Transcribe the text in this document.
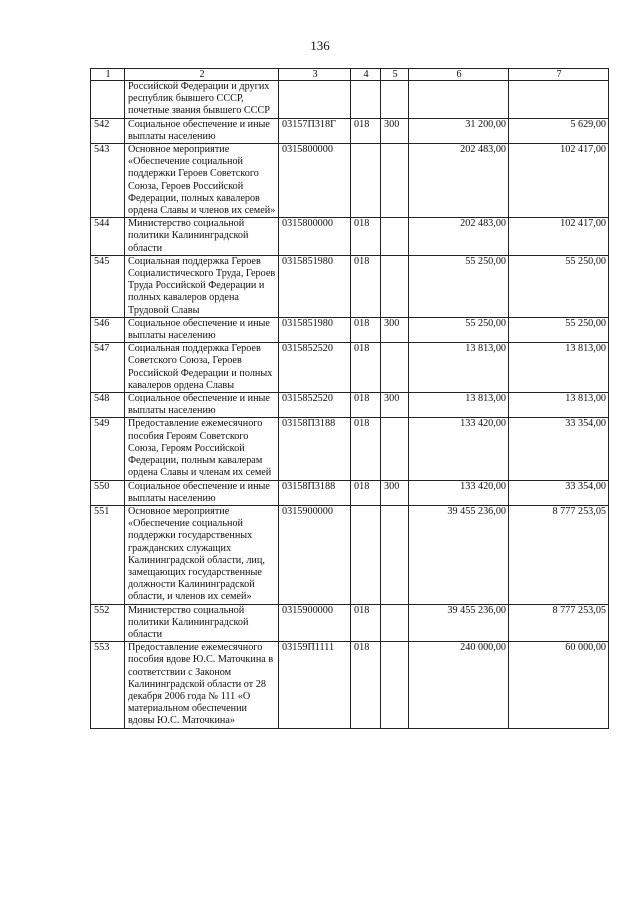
136
1	2	3	4	5	6	7
	Российской Федерации и других республик бывшего СССР, почетные звания бывшего СССР					
542	Социальное обеспечение и иные выплаты населению	03157П318Г	018	300	31 200,00	5 629,00
543	Основное мероприятие «Обеспечение социальной поддержки Героев Советского Союза, Героев Российской Федерации, полных кавалеров ордена Славы и членов их семей»	0315800000			202 483,00	102 417,00
544	Министерство социальной политики Калининградской области	0315800000	018		202 483,00	102 417,00
545	Социальная поддержка Героев Социалистического Труда, Героев Труда Российской Федерации и полных кавалеров ордена Трудовой Славы	0315851980	018		55 250,00	55 250,00
546	Социальное обеспечение и иные выплаты населению	0315851980	018	300	55 250,00	55 250,00
547	Социальная поддержка Героев Советского Союза, Героев Российской Федерации и полных кавалеров ордена Славы	0315852520	018		13 813,00	13 813,00
548	Социальное обеспечение и иные выплаты населению	0315852520	018	300	13 813,00	13 813,00
549	Предоставление ежемесячного пособия Героям Советского Союза, Героям Российской Федерации, полным кавалерам ордена Славы и членам их семей	03158П3188	018		133 420,00	33 354,00
550	Социальное обеспечение и иные выплаты населению	03158П3188	018	300	133 420,00	33 354,00
551	Основное мероприятие «Обеспечение социальной поддержки государственных гражданских служащих Калининградской области, лиц, замещающих государственные должности Калининградской области, и членов их семей»	0315900000			39 455 236,00	8 777 253,05
552	Министерство социальной политики Калининградской области	0315900000	018		39 455 236,00	8 777 253,05
553	Предоставление ежемесячного пособия вдове Ю.С. Маточкина в соответствии с Законом Калининградской области от 28 декабря 2006 года № 111 «О материальном обеспечении вдовы Ю.С. Маточкина»	03159П1111	018		240 000,00	60 000,00
